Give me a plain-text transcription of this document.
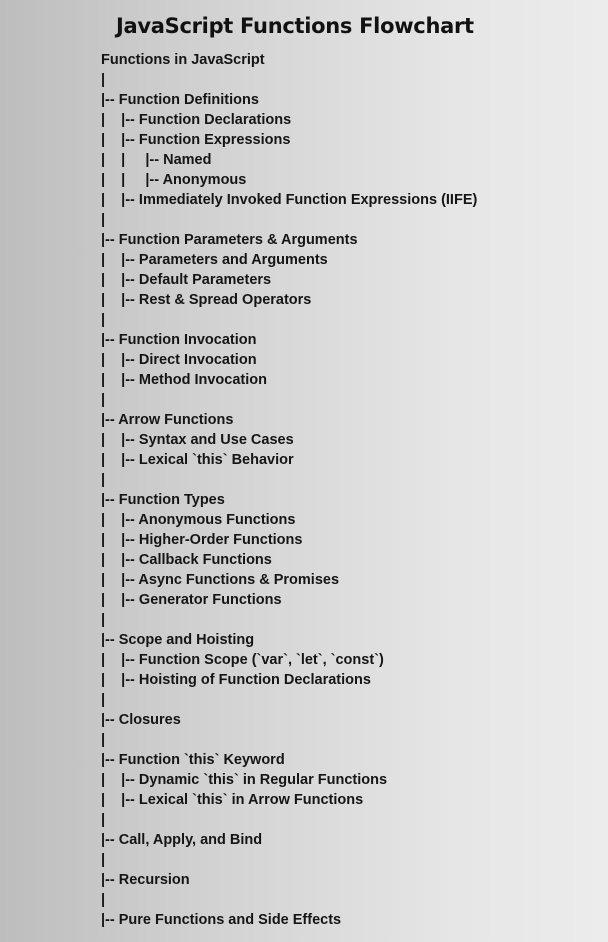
JavaScript Functions Flowchart
Functions in JavaScript
|
|-- Function Definitions
|    |-- Function Declarations
|    |-- Function Expressions
|    |     |-- Named
|    |     |-- Anonymous
|    |-- Immediately Invoked Function Expressions (IIFE)
|
|-- Function Parameters & Arguments
|    |-- Parameters and Arguments
|    |-- Default Parameters
|    |-- Rest & Spread Operators
|
|-- Function Invocation
|    |-- Direct Invocation
|    |-- Method Invocation
|
|-- Arrow Functions
|    |-- Syntax and Use Cases
|    |-- Lexical `this` Behavior
|
|-- Function Types
|    |-- Anonymous Functions
|    |-- Higher-Order Functions
|    |-- Callback Functions
|    |-- Async Functions & Promises
|    |-- Generator Functions
|
|-- Scope and Hoisting
|    |-- Function Scope (`var`, `let`, `const`)
|    |-- Hoisting of Function Declarations
|
|-- Closures
|
|-- Function `this` Keyword
|    |-- Dynamic `this` in Regular Functions
|    |-- Lexical `this` in Arrow Functions
|
|-- Call, Apply, and Bind
|
|-- Recursion
|
|-- Pure Functions and Side Effects
